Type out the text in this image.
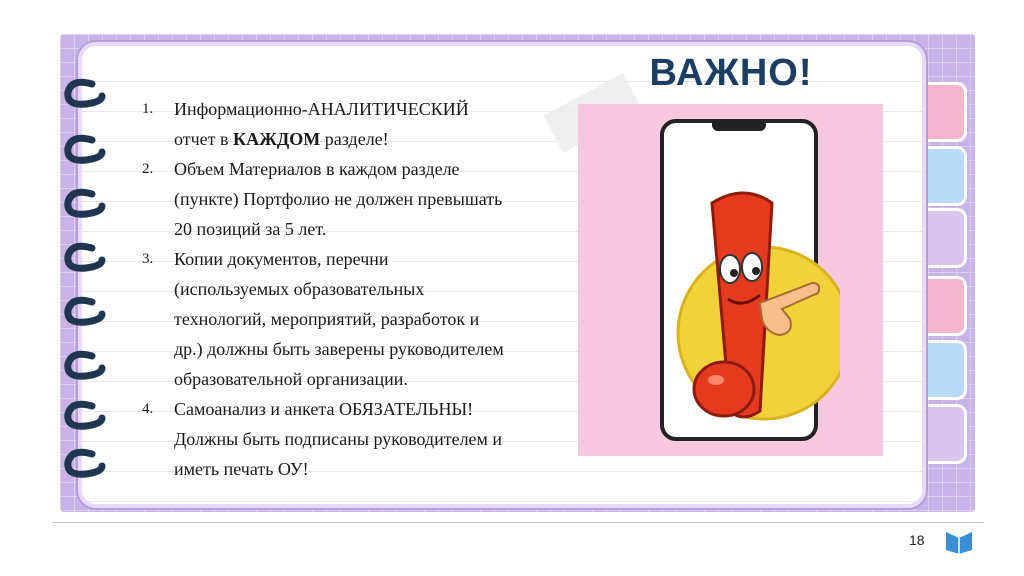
ВАЖНО!
1. Информационно-АНАЛИТИЧЕСКИЙ
отчет в КАЖДОМ разделе!
2. Объем Материалов в каждом разделе
(пункте) Портфолио не должен превышать
20 позиций за 5 лет.
3. Копии документов, перечни
(используемых образовательных
технологий, мероприятий, разработок и
др.) должны быть заверены руководителем
образовательной организации.
4. Самоанализ и анкета ОБЯЗАТЕЛЬНЫ!
Должны быть подписаны руководителем и
иметь печать ОУ!
18
